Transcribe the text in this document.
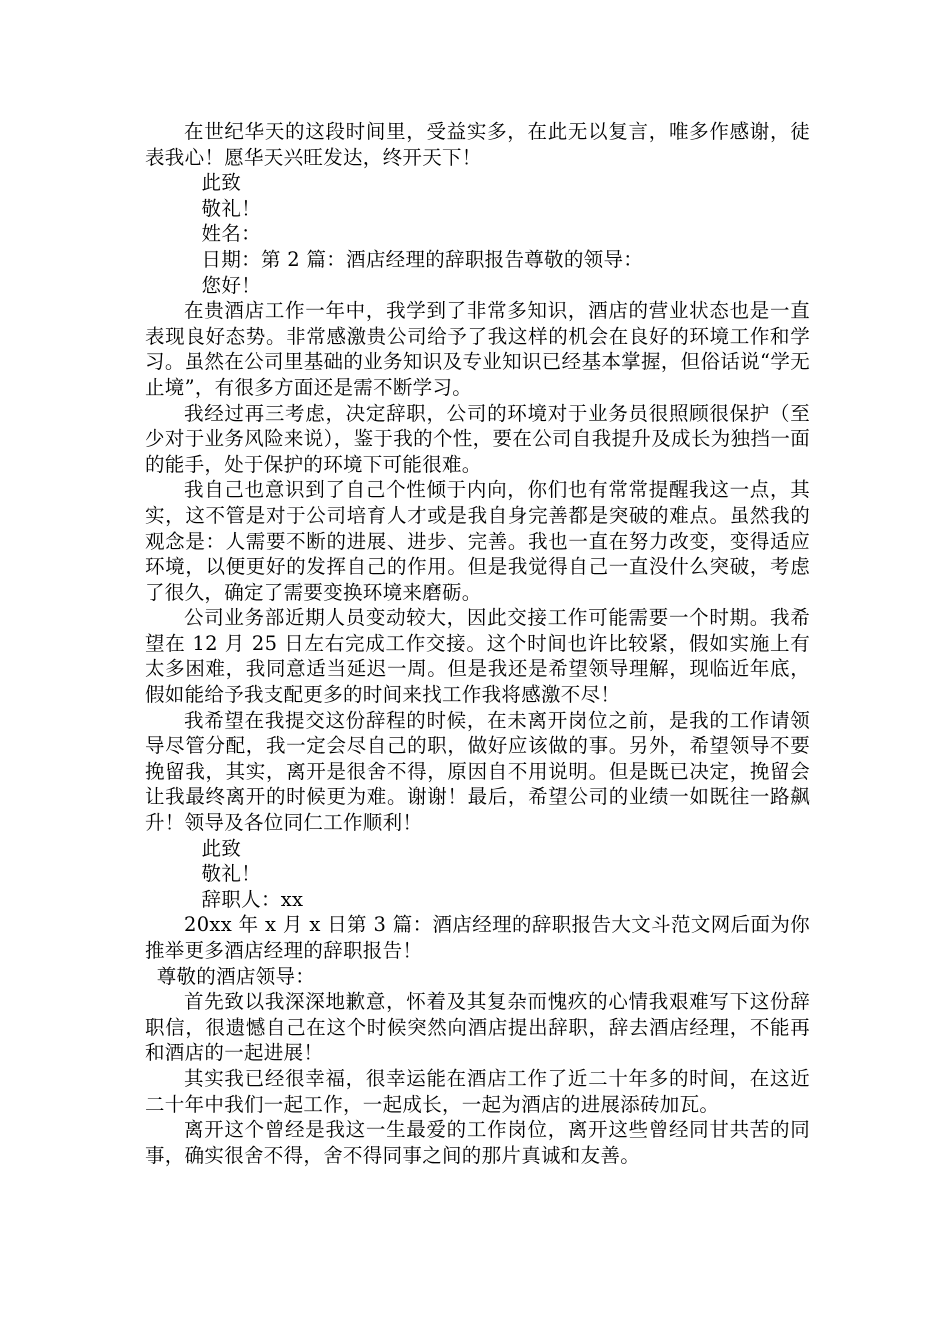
在世纪华天的这段时间里，受益实多，在此无以复言，唯多作感谢，徒表我心！愿华天兴旺发达，终开天下！

此致

敬礼！

姓名：

日期：第 2 篇：酒店经理的辞职报告尊敬的领导：

您好！

在贵酒店工作一年中，我学到了非常多知识，酒店的营业状态也是一直表现良好态势。非常感激贵公司给予了我这样的机会在良好的环境工作和学习。虽然在公司里基础的业务知识及专业知识已经基本掌握，但俗话说“学无止境”，有很多方面还是需不断学习。

我经过再三考虑，决定辞职，公司的环境对于业务员很照顾很保护（至少对于业务风险来说），鉴于我的个性，要在公司自我提升及成长为独挡一面的能手，处于保护的环境下可能很难。

我自己也意识到了自己个性倾于内向，你们也有常常提醒我这一点，其实，这不管是对于公司培育人才或是我自身完善都是突破的难点。虽然我的观念是：人需要不断的进展、进步、完善。我也一直在努力改变，变得适应环境，以便更好的发挥自己的作用。但是我觉得自己一直没什么突破，考虑了很久，确定了需要变换环境来磨砺。

公司业务部近期人员变动较大，因此交接工作可能需要一个时期。我希望在 12 月 25 日左右完成工作交接。这个时间也许比较紧，假如实施上有太多困难，我同意适当延迟一周。但是我还是希望领导理解，现临近年底，假如能给予我支配更多的时间来找工作我将感激不尽！

我希望在我提交这份辞程的时候，在未离开岗位之前，是我的工作请领导尽管分配，我一定会尽自己的职，做好应该做的事。另外，希望领导不要挽留我，其实，离开是很舍不得，原因自不用说明。但是既已决定，挽留会让我最终离开的时候更为难。谢谢！最后，希望公司的业绩一如既往一路飙升！领导及各位同仁工作顺利！

此致

敬礼！

辞职人：xx

20xx 年 x 月 x 日第 3 篇：酒店经理的辞职报告大文斗范文网后面为你推举更多酒店经理的辞职报告！

尊敬的酒店领导：

首先致以我深深地歉意，怀着及其复杂而愧疚的心情我艰难写下这份辞职信，很遗憾自己在这个时候突然向酒店提出辞职，辞去酒店经理，不能再和酒店的一起进展！

其实我已经很幸福，很幸运能在酒店工作了近二十年多的时间，在这近二十年中我们一起工作，一起成长，一起为酒店的进展添砖加瓦。

离开这个曾经是我这一生最爱的工作岗位，离开这些曾经同甘共苦的同事，确实很舍不得，舍不得同事之间的那片真诚和友善。
